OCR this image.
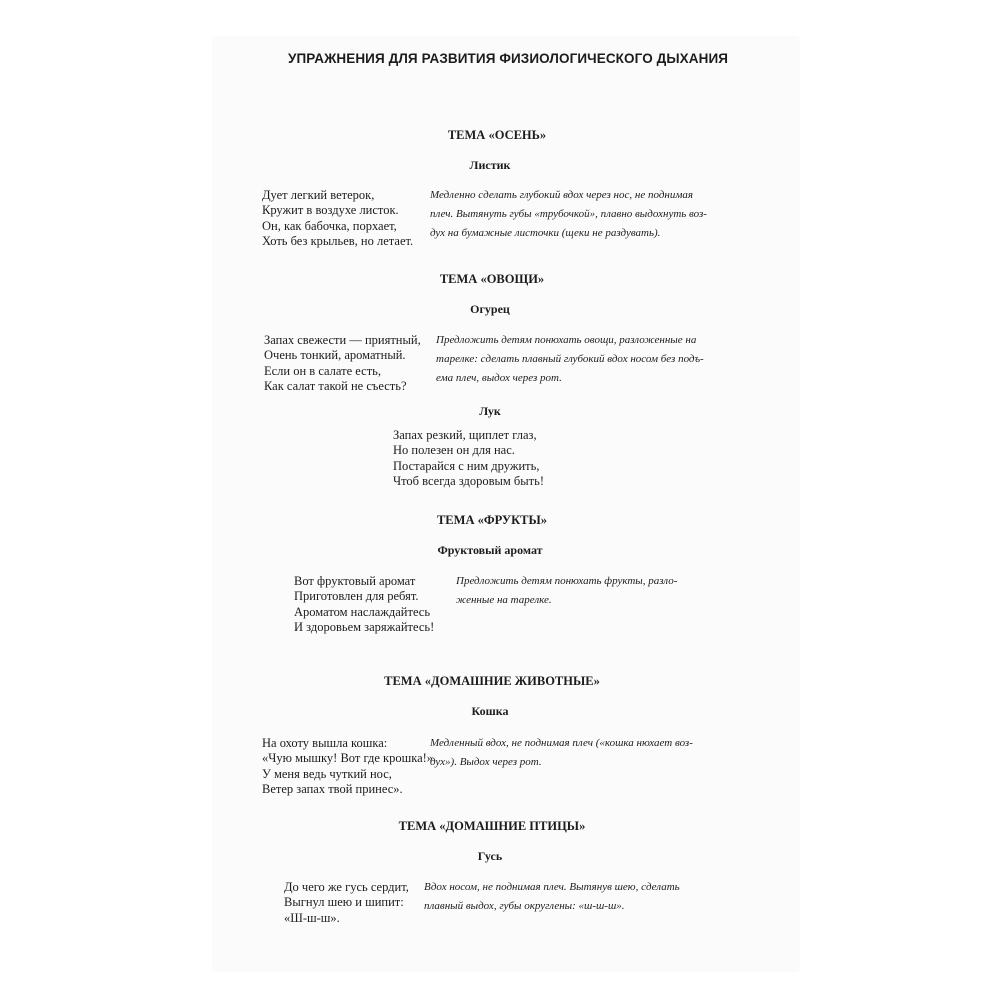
УПРАЖНЕНИЯ ДЛЯ РАЗВИТИЯ ФИЗИОЛОГИЧЕСКОГО ДЫХАНИЯ
ТЕМА «ОСЕНЬ»
Листик
Дует легкий ветерок,
Кружит в воздухе листок.
Он, как бабочка, порхает,
Хоть без крыльев, но летает.
Медленно сделать глубокий вдох через нос, не поднимая
плеч. Вытянуть губы «трубочкой», плавно выдохнуть воз-
дух на бумажные листочки (щеки не раздувать).
ТЕМА «ОВОЩИ»
Огурец
Запах свежести — приятный,
Очень тонкий, ароматный.
Если он в салате есть,
Как салат такой не съесть?
Предложить детям понюхать овощи, разложенные на
тарелке: сделать плавный глубокий вдох носом без подъ-
ема плеч, выдох через рот.
Лук
Запах резкий, щиплет глаз,
Но полезен он для нас.
Постарайся с ним дружить,
Чтоб всегда здоровым быть!
ТЕМА «ФРУКТЫ»
Фруктовый аромат
Вот фруктовый аромат
Приготовлен для ребят.
Ароматом наслаждайтесь
И здоровьем заряжайтесь!
Предложить детям понюхать фрукты, разло-
женные на тарелке.
ТЕМА «ДОМАШНИЕ ЖИВОТНЫЕ»
Кошка
На охоту вышла кошка:
«Чую мышку! Вот где крошка!»
У меня ведь чуткий нос,
Ветер запах твой принес».
Медленный вдох, не поднимая плеч («кошка нюхает воз-
дух»). Выдох через рот.
ТЕМА «ДОМАШНИЕ ПТИЦЫ»
Гусь
До чего же гусь сердит,
Выгнул шею и шипит:
«Ш-ш-ш».
Вдох носом, не поднимая плеч. Вытянув шею, сделать
плавный выдох, губы округлены: «ш-ш-ш».
